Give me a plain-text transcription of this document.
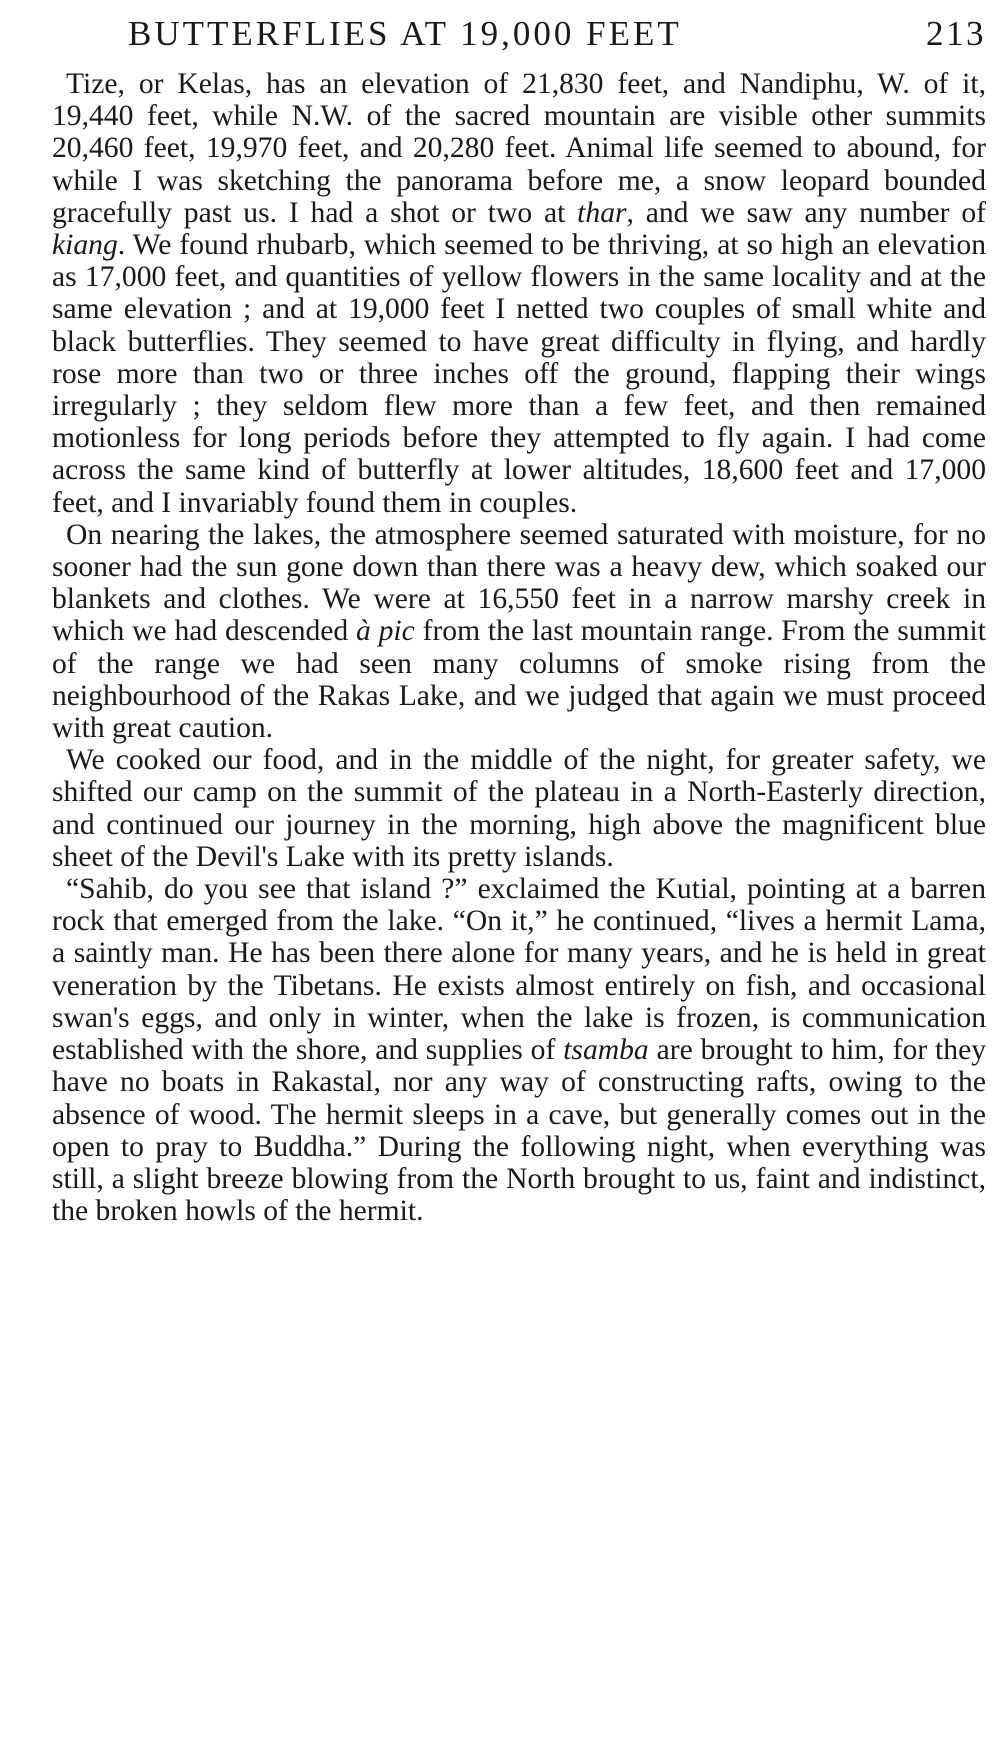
BUTTERFLIES AT 19,000 FEET	213

Tize, or Kelas, has an elevation of 21,830 feet, and Nandiphu, W. of it, 19,440 feet, while N.W. of the sacred mountain are visible other summits 20,460 feet, 19,970 feet, and 20,280 feet. Animal life seemed to abound, for while I was sketching the panorama before me, a snow leopard bounded gracefully past us. I had a shot or two at thar, and we saw any number of kiang. We found rhubarb, which seemed to be thriving, at so high an elevation as 17,000 feet, and quantities of yellow flowers in the same locality and at the same elevation ; and at 19,000 feet I netted two couples of small white and black butterflies. They seemed to have great difficulty in flying, and hardly rose more than two or three inches off the ground, flapping their wings irregularly ; they seldom flew more than a few feet, and then remained motionless for long periods before they attempted to fly again. I had come across the same kind of butterfly at lower altitudes, 18,600 feet and 17,000 feet, and I invariably found them in couples.

On nearing the lakes, the atmosphere seemed saturated with moisture, for no sooner had the sun gone down than there was a heavy dew, which soaked our blankets and clothes. We were at 16,550 feet in a narrow marshy creek in which we had descended à pic from the last mountain range. From the summit of the range we had seen many columns of smoke rising from the neighbourhood of the Rakas Lake, and we judged that again we must proceed with great caution.

We cooked our food, and in the middle of the night, for greater safety, we shifted our camp on the summit of the plateau in a North-Easterly direction, and continued our journey in the morning, high above the magnificent blue sheet of the Devil's Lake with its pretty islands.

“Sahib, do you see that island ?” exclaimed the Kutial, pointing at a barren rock that emerged from the lake. “On it,” he continued, “lives a hermit Lama, a saintly man. He has been there alone for many years, and he is held in great veneration by the Tibetans. He exists almost entirely on fish, and occasional swan's eggs, and only in winter, when the lake is frozen, is communication established with the shore, and supplies of tsamba are brought to him, for they have no boats in Rakastal, nor any way of constructing rafts, owing to the absence of wood. The hermit sleeps in a cave, but generally comes out in the open to pray to Buddha.” During the following night, when everything was still, a slight breeze blowing from the North brought to us, faint and indistinct, the broken howls of the hermit.
